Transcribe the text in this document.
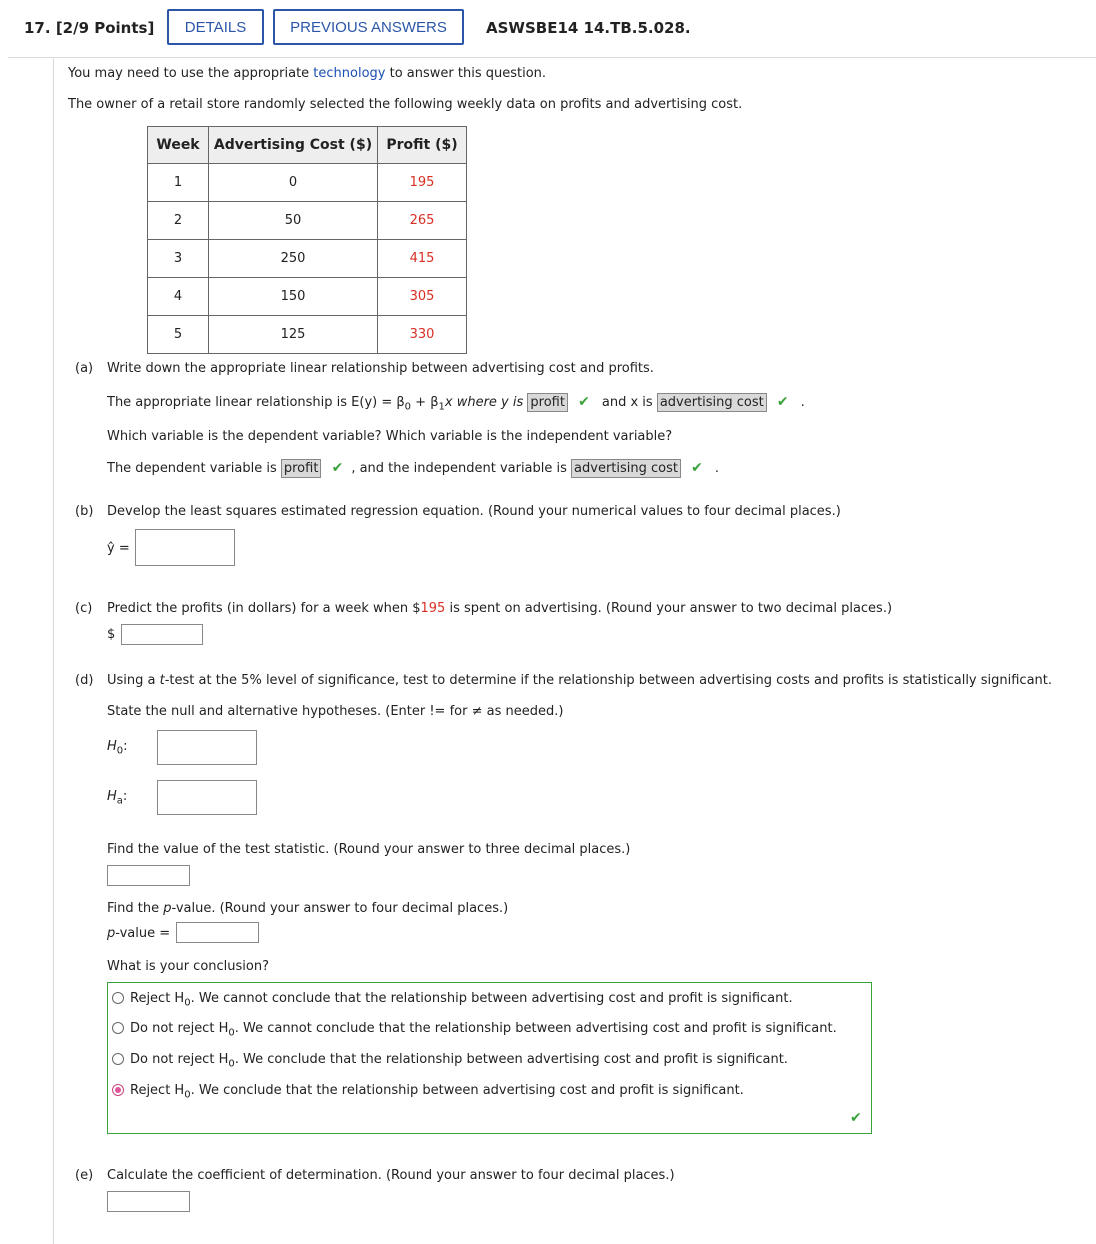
17. [2/9 Points]	DETAILS	PREVIOUS ANSWERS	ASWSBE14 14.TB.5.028.
You may need to use the appropriate technology to answer this question.
The owner of a retail store randomly selected the following weekly data on profits and advertising cost.
Week	Advertising Cost ($)	Profit ($)
1	0	195
2	50	265
3	250	415
4	150	305
5	125	330
(a) Write down the appropriate linear relationship between advertising cost and profits.
The appropriate linear relationship is $E(y) = \beta_0 + \beta_1x$ where y is profit ✔ and x is advertising cost ✔ .
Which variable is the dependent variable? Which variable is the independent variable?
The dependent variable is profit ✔ , and the independent variable is advertising cost ✔ .
(b) Develop the least squares estimated regression equation. (Round your numerical values to four decimal places.)
ŷ =
(c) Predict the profits (in dollars) for a week when $195 is spent on advertising. (Round your answer to two decimal places.)
$
(d) Using a t-test at the 5% level of significance, test to determine if the relationship between advertising costs and profits is statistically significant.
State the null and alternative hypotheses. (Enter != for ≠ as needed.)
$H_0$:
$H_a$:
Find the value of the test statistic. (Round your answer to three decimal places.)
Find the p-value. (Round your answer to four decimal places.)
p-value =
What is your conclusion?
Reject $H_0$. We cannot conclude that the relationship between advertising cost and profit is significant.
Do not reject $H_0$. We cannot conclude that the relationship between advertising cost and profit is significant.
Do not reject $H_0$. We conclude that the relationship between advertising cost and profit is significant.
Reject $H_0$. We conclude that the relationship between advertising cost and profit is significant.
✔
(e) Calculate the coefficient of determination. (Round your answer to four decimal places.)
